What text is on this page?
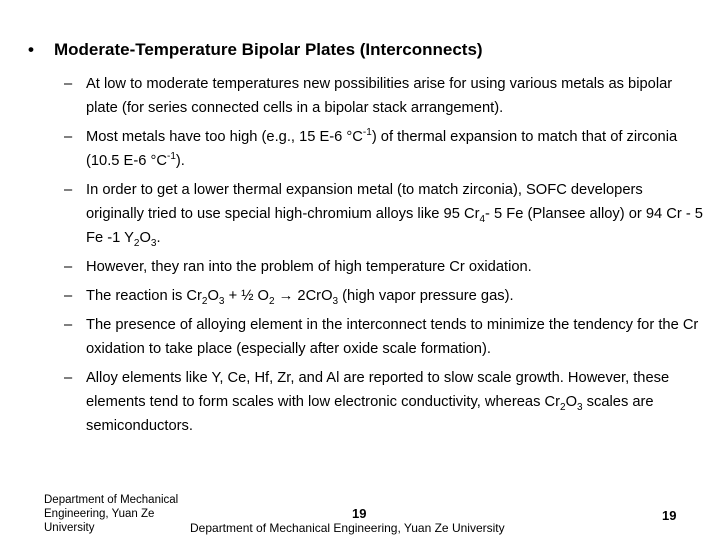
• Moderate-Temperature Bipolar Plates (Interconnects)
– At low to moderate temperatures new possibilities arise for using various metals as bipolar plate (for series connected cells in a bipolar stack arrangement).
– Most metals have too high (e.g., 15 E-6 $^\circ C^{-1}$) of thermal expansion to match that of zirconia (10.5 E-6 $^\circ C^{-1}$).
– In order to get a lower thermal expansion metal (to match zirconia), SOFC developers originally tried to use special high-chromium alloys like 95 $Cr_4-$ 5 Fe (Plansee alloy) or 94 Cr - 5 Fe -1 $Y_2O_3$.
– However, they ran into the problem of high temperature Cr oxidation.
– The reaction is $Cr_2O_3$ + ½ $O_2 \to 2CrO_3$ (high vapor pressure gas).
– The presence of alloying element in the interconnect tends to minimize the tendency for the Cr oxidation to take place (especially after oxide scale formation).
– Alloy elements like Y, Ce, Hf, Zr, and Al are reported to slow scale growth. However, these elements tend to form scales with low electronic conductivity, whereas $Cr_2O_3$ scales are semiconductors.
Department of Mechanical Engineering, Yuan Ze University
19
Department of Mechanical Engineering, Yuan Ze University
19
